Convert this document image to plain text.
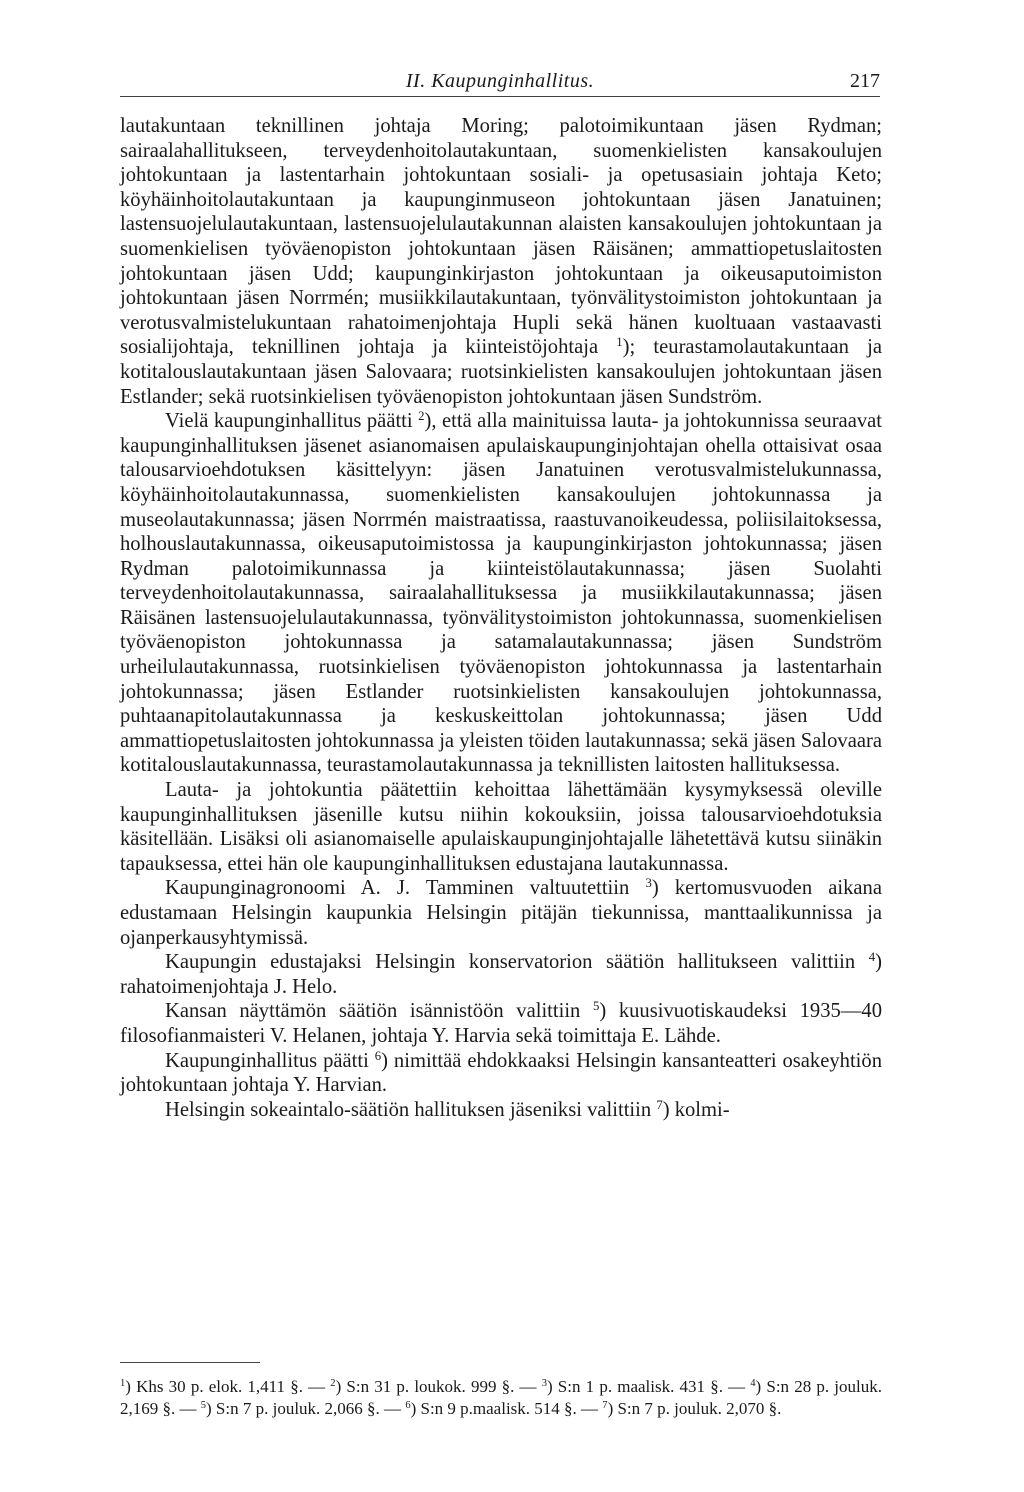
II. Kaupunginhallitus.	217

lautakuntaan teknillinen johtaja Moring; palotoimikuntaan jäsen Rydman; sairaalahallitukseen, terveydenhoitolautakuntaan, suomenkielisten kansakoulujen johtokuntaan ja lastentarhain johtokuntaan sosiali- ja opetusasiain johtaja Keto; köyhäinhoitolautakuntaan ja kaupunginmuseon johtokuntaan jäsen Janatuinen; lastensuojelulautakuntaan, lastensuojelulautakunnan alaisten kansakoulujen johtokuntaan ja suomenkielisen työväenopiston johtokuntaan jäsen Räisänen; ammattiopetuslaitosten johtokuntaan jäsen Udd; kaupunginkirjaston johtokuntaan ja oikeusaputoimiston johtokuntaan jäsen Norrmén; musiikkilautakuntaan, työnvälitystoimiston johtokuntaan ja verotusvalmistelukuntaan rahatoimenjohtaja Hupli sekä hänen kuoltuaan vastaavasti sosialijohtaja, teknillinen johtaja ja kiinteistöjohtaja $^1$); teurastamolautakuntaan ja kotitalouslautakuntaan jäsen Salovaara; ruotsinkielisten kansakoulujen johtokuntaan jäsen Estlander; sekä ruotsinkielisen työväenopiston johtokuntaan jäsen Sundström.

Vielä kaupunginhallitus päätti $^2$), että alla mainituissa lauta- ja johtokunnissa seuraavat kaupunginhallituksen jäsenet asianomaisen apulaiskaupunginjohtajan ohella ottaisivat osaa talousarvioehdotuksen käsittelyyn: jäsen Janatuinen verotusvalmistelukunnassa, köyhäinhoitolautakunnassa, suomenkielisten kansakoulujen johtokunnassa ja museolautakunnassa; jäsen Norrmén maistraatissa, raastuvanoikeudessa, poliisilaitoksessa, holhouslautakunnassa, oikeusaputoimistossa ja kaupunginkirjaston johtokunnassa; jäsen Rydman palotoimikunnassa ja kiinteistölautakunnassa; jäsen Suolahti terveydenhoitolautakunnassa, sairaalahallituksessa ja musiikkilautakunnassa; jäsen Räisänen lastensuojelulautakunnassa, työnvälitystoimiston johtokunnassa, suomenkielisen työväenopiston johtokunnassa ja satamalautakunnassa; jäsen Sundström urheilulautakunnassa, ruotsinkielisen työväenopiston johtokunnassa ja lastentarhain johtokunnassa; jäsen Estlander ruotsinkielisten kansakoulujen johtokunnassa, puhtaanapitolautakunnassa ja keskuskeittolan johtokunnassa; jäsen Udd ammattiopetuslaitosten johtokunnassa ja yleisten töiden lautakunnassa; sekä jäsen Salovaara kotitalouslautakunnassa, teurastamolautakunnassa ja teknillisten laitosten hallituksessa.

Lauta- ja johtokuntia päätettiin kehoittaa lähettämään kysymyksessä oleville kaupunginhallituksen jäsenille kutsu niihin kokouksiin, joissa talousarvioehdotuksia käsitellään. Lisäksi oli asianomaiselle apulaiskaupunginjohtajalle lähetettävä kutsu siinäkin tapauksessa, ettei hän ole kaupunginhallituksen edustajana lautakunnassa.

Kaupunginagronoomi A. J. Tamminen valtuutettiin $^3$) kertomusvuoden aikana edustamaan Helsingin kaupunkia Helsingin pitäjän tiekunnissa, manttaalikunnissa ja ojanperkausyhtymissä.

Kaupungin edustajaksi Helsingin konservatorion säätiön hallitukseen valittiin $^4$) rahatoimenjohtaja J. Helo.

Kansan näyttämön säätiön isännistöön valittiin $^5$) kuusivuotiskaudeksi 1935—40 filosofianmaisteri V. Helanen, johtaja Y. Harvia sekä toimittaja E. Lähde.

Kaupunginhallitus päätti $^6$) nimittää ehdokkaaksi Helsingin kansanteatteri osakeyhtiön johtokuntaan johtaja Y. Harvian.

Helsingin sokeaintalo-säätiön hallituksen jäseniksi valittiin $^7$) kolmi-

$^1$) Khs 30 p. elok. 1,411 §. — $^2$) S:n 31 p. loukok. 999 §. — $^3$) S:n 1 p. maalisk. 431 §. — $^4$) S:n 28 p. jouluk. 2,169 §. — $^5$) S:n 7 p. jouluk. 2,066 §. — $^6$) S:n 9 p.maalisk. 514 §. — $^7$) S:n 7 p. jouluk. 2,070 §.
